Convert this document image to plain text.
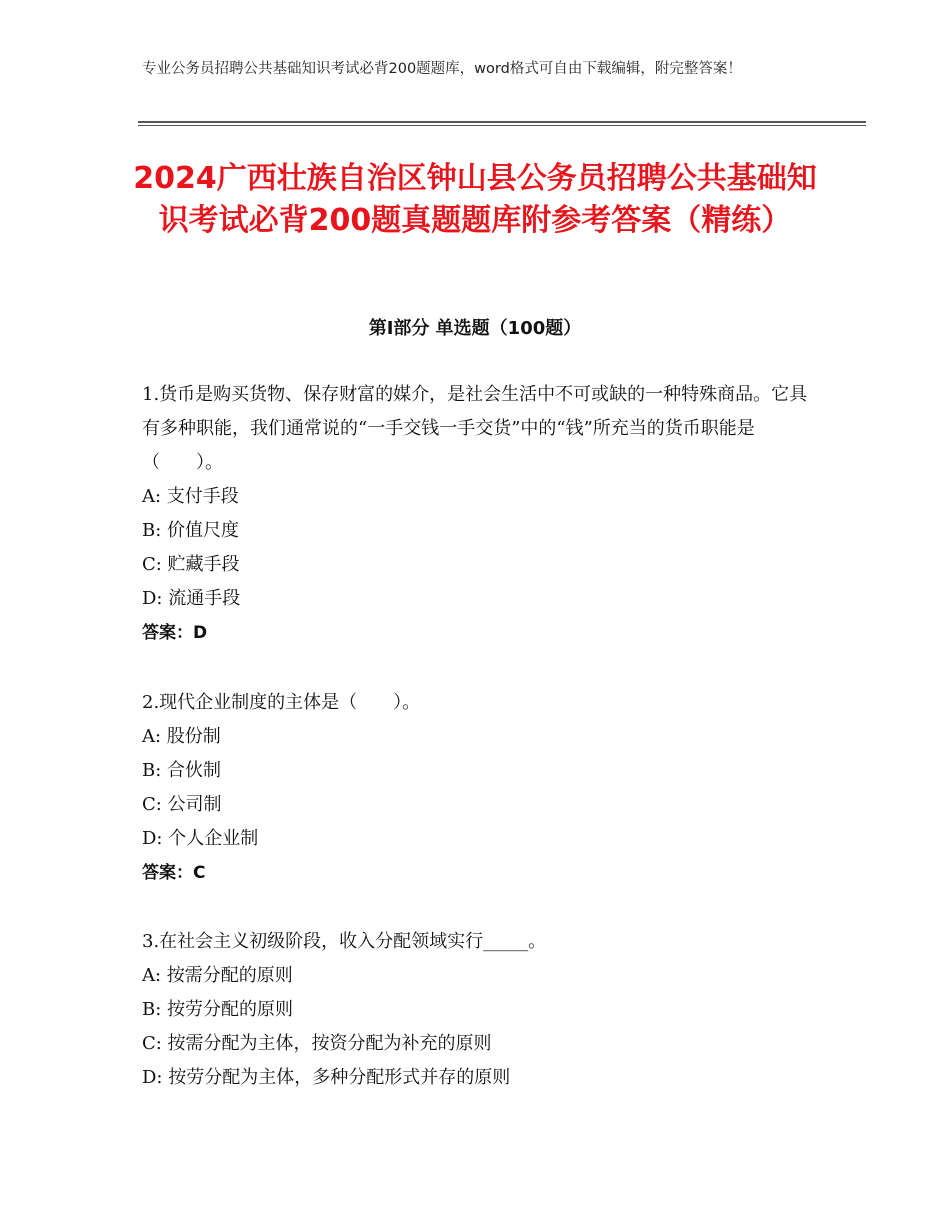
专业公务员招聘公共基础知识考试必背200题题库，word格式可自由下载编辑，附完整答案！
2024广西壮族自治区钟山县公务员招聘公共基础知识考试必背200题真题题库附参考答案（精练）
第Ⅰ部分 单选题（100题）

1.货币是购买货物、保存财富的媒介，是社会生活中不可或缺的一种特殊商品。它具有多种职能，我们通常说的“一手交钱一手交货”中的“钱”所充当的货币职能是（　　）。

A: 支付手段

B: 价值尺度

C: 贮藏手段

D: 流通手段

答案：D

2.现代企业制度的主体是（　　）。

A: 股份制

B: 合伙制

C: 公司制

D: 个人企业制

答案：C

3.在社会主义初级阶段，收入分配领域实行_____。

A: 按需分配的原则

B: 按劳分配的原则

C: 按需分配为主体，按资分配为补充的原则

D: 按劳分配为主体，多种分配形式并存的原则
